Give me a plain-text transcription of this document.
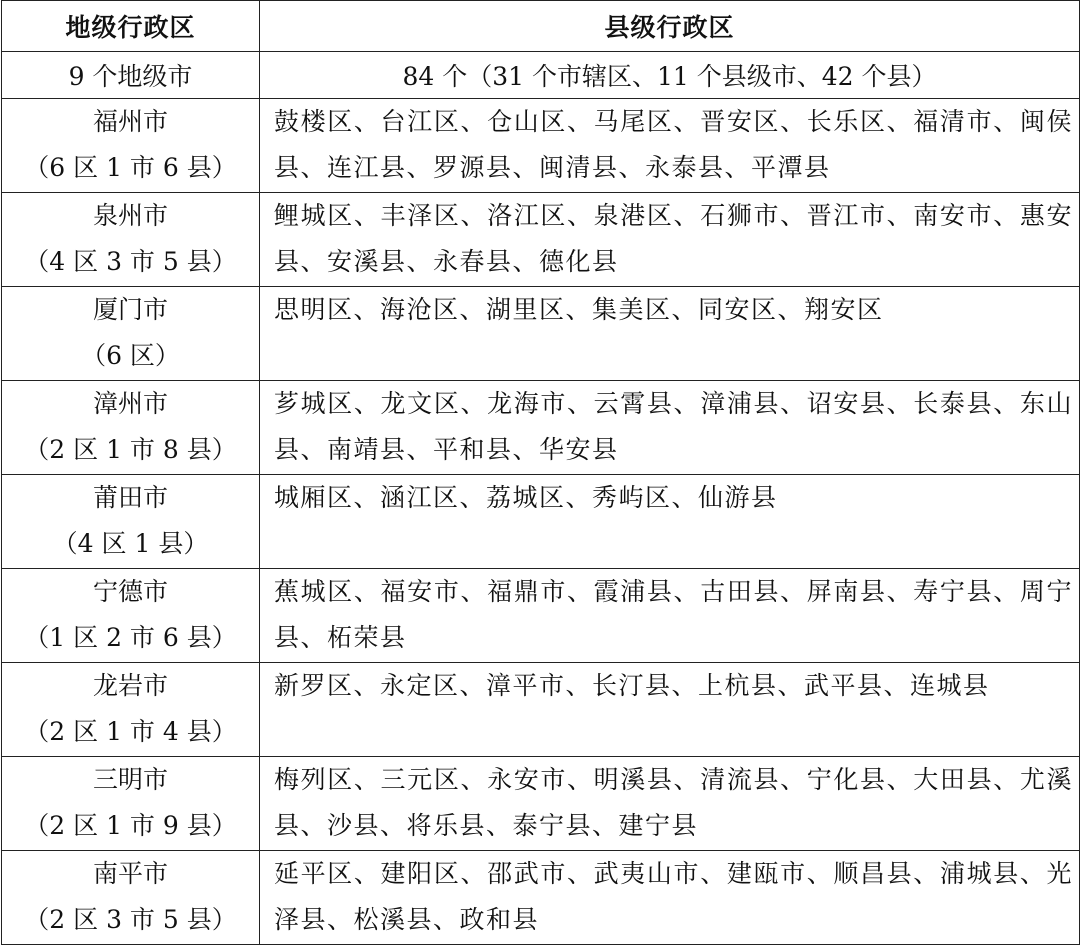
地级行政区	县级行政区
9 个地级市	84 个（31 个市辖区、11 个县级市、42 个县）

福州市
（6 区 1 市 6 县）	鼓楼区、台江区、仓山区、马尾区、晋安区、长乐区、福清市、闽侯县、连江县、罗源县、闽清县、永泰县、平潭县

泉州市
（4 区 3 市 5 县）	鲤城区、丰泽区、洛江区、泉港区、石狮市、晋江市、南安市、惠安县、安溪县、永春县、德化县

厦门市
（6 区）	思明区、海沧区、湖里区、集美区、同安区、翔安区

漳州市
（2 区 1 市 8 县）	芗城区、龙文区、龙海市、云霄县、漳浦县、诏安县、长泰县、东山县、南靖县、平和县、华安县

莆田市
（4 区 1 县）	城厢区、涵江区、荔城区、秀屿区、仙游县

宁德市
（1 区 2 市 6 县）	蕉城区、福安市、福鼎市、霞浦县、古田县、屏南县、寿宁县、周宁县、柘荣县

龙岩市
（2 区 1 市 4 县）	新罗区、永定区、漳平市、长汀县、上杭县、武平县、连城县

三明市
（2 区 1 市 9 县）	梅列区、三元区、永安市、明溪县、清流县、宁化县、大田县、尤溪县、沙县、将乐县、泰宁县、建宁县

南平市
（2 区 3 市 5 县）	延平区、建阳区、邵武市、武夷山市、建瓯市、顺昌县、浦城县、光泽县、松溪县、政和县
